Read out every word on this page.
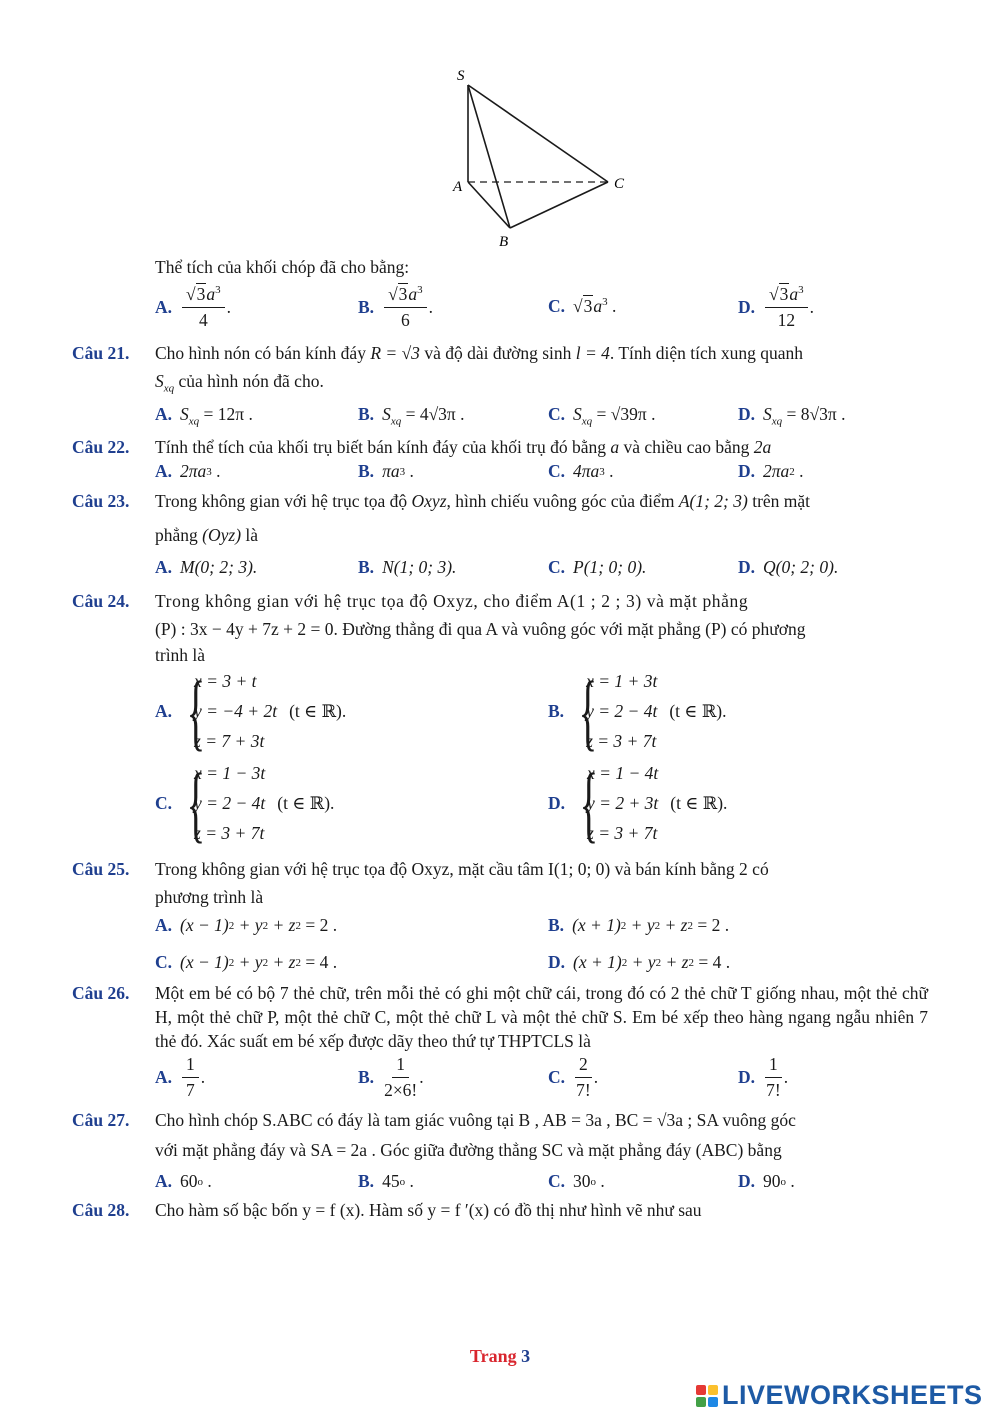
S
A
B
C
Thể tích của khối chóp đã cho bằng:
A. $\frac{√3a^3}{4}$ .	B. $\frac{√3a^3}{6}$ .	C. $√3a^3$ .	D. $\frac{√3a^3}{12}$ .
Câu 21. Cho hình nón có bán kính đáy R = √3 và độ dài đường sinh l = 4. Tính diện tích xung quanh
$S_{xq}$ của hình nón đã cho.
A. $S_{xq}$
= 12π .	B. $S_{xq}$
= 4√3π .	C. $S_{xq}$
= √39π .	D. $S_{xq}$
= 8√3π .
Câu 22. Tính thể tích của khối trụ biết bán kính đáy của khối trụ đó bằng a và chiều cao bằng 2a
A. 2πa 3
.	B. πa 3
.	C. 4πa 3
.	D. 2πa 2
.
Câu 23. Trong không gian với hệ trục tọa độ Oxyz, hình chiếu vuông góc của điểm A(1; 2; 3) trên mặt
phẳng (Oyz) là
A. M(0; 2; 3).	B. N(1; 0; 3).	C. P(1; 0; 0).	D. Q(0; 2; 0).
Câu 24. Trong không gian với hệ trục tọa độ Oxyz, cho điểm A(1 ; 2 ; 3) và mặt phẳng
(P) : 3x − 4y + 7z + 2 = 0. Đường thẳng đi qua A và vuông góc với mặt phẳng (P) có phương
trình là
A. {
x = 3 + t
y = −4 + 2t
z = 7 + 3t
(t ∈ ℝ).	B. {
x = 1 + 3t
y = 2 − 4t
z = 3 + 7t
(t ∈ ℝ).
C. {
x = 1 − 3t
y = 2 − 4t
z = 3 + 7t
(t ∈ ℝ).	D. {
x = 1 − 4t
y = 2 + 3t
z = 3 + 7t
(t ∈ ℝ).
Câu 25. Trong không gian với hệ trục tọa độ Oxyz, mặt cầu tâm I(1; 0; 0) và bán kính bằng 2 có
phương trình là
A. (x − 1) 2
+ y 2
+ z 2
= 2 .	B. (x + 1) 2
+ y 2
+ z 2
= 2 .
C. (x − 1) 2
+ y 2
+ z 2
= 4 .	D. (x + 1) 2
+ y 2
+ z 2
= 4 .
Câu 26. Một em bé có bộ 7 thẻ chữ, trên mỗi thẻ có ghi một chữ cái, trong đó có 2 thẻ chữ T giống nhau, một thẻ chữ H, một thẻ chữ P, một thẻ chữ C, một thẻ chữ L và một thẻ chữ S. Em bé xếp theo hàng ngang ngẫu nhiên 7 thẻ đó. Xác suất em bé xếp được dãy theo thứ tự THPTCLS là
A. $\frac{1}{7}$ .	B. $\frac{1}{2\times 6!}$ .	C. $\frac{2}{7!}$ .	D. $\frac{1}{7!}$ .
Câu 27. Cho hình chóp S.ABC có đáy là tam giác vuông tại B , AB = 3a , BC = √3a ; SA vuông góc
với mặt phẳng đáy và SA = 2a . Góc giữa đường thẳng SC và mặt phẳng đáy (ABC) bằng
A. 60 o
.	B. 45 o
.	C. 30 o
.	D. 90 o
.
Câu 28. Cho hàm số bậc bốn y = f (x). Hàm số y = f ′(x) có đồ thị như hình vẽ như sau
Trang 3
LIVEWORKSHEETS
